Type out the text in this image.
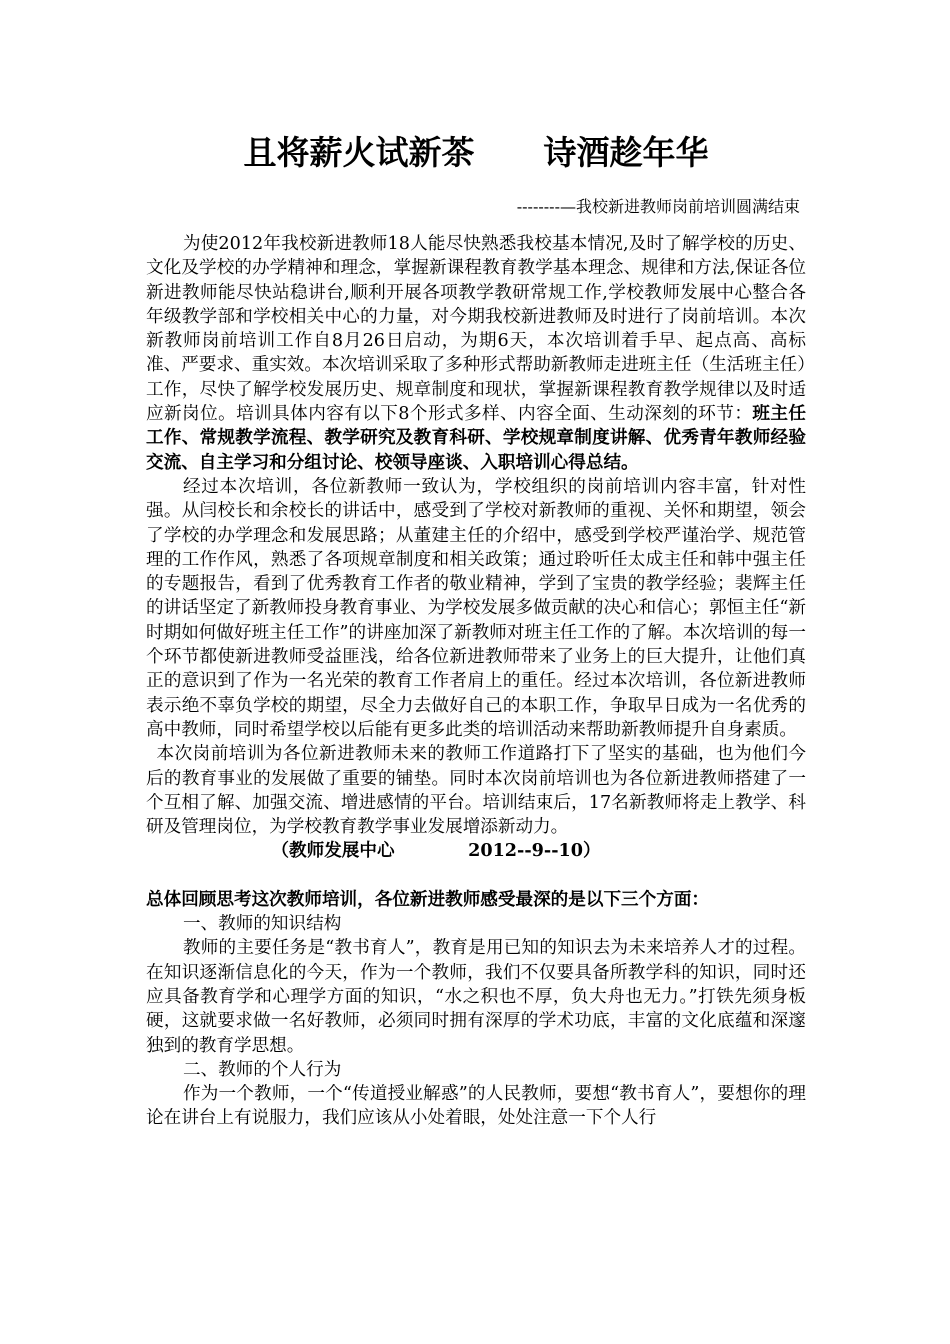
且将薪火试新茶      诗酒趁年华
--------—我校新进教师岗前培训圆满结束

为使2012年我校新进教师18人能尽快熟悉我校基本情况,及时了解学校的历史、文化及学校的办学精神和理念，掌握新课程教育教学基本理念、规律和方法,保证各位新进教师能尽快站稳讲台,顺利开展各项教学教研常规工作,学校教师发展中心整合各年级教学部和学校相关中心的力量，对今期我校新进教师及时进行了岗前培训。本次新教师岗前培训工作自8月26日启动，为期6天，本次培训着手早、起点高、高标准、严要求、重实效。本次培训采取了多种形式帮助新教师走进班主任（生活班主任）工作，尽快了解学校发展历史、规章制度和现状，掌握新课程教育教学规律以及时适应新岗位。培训具体内容有以下8个形式多样、内容全面、生动深刻的环节：班主任工作、常规教学流程、教学研究及教育科研、学校规章制度讲解、优秀青年教师经验交流、自主学习和分组讨论、校领导座谈、入职培训心得总结。

经过本次培训，各位新教师一致认为，学校组织的岗前培训内容丰富，针对性强。从闫校长和余校长的讲话中，感受到了学校对新教师的重视、关怀和期望，领会了学校的办学理念和发展思路；从董建主任的介绍中，感受到学校严谨治学、规范管理的工作作风，熟悉了各项规章制度和相关政策；通过聆听任太成主任和韩中强主任的专题报告，看到了优秀教育工作者的敬业精神，学到了宝贵的教学经验；裴辉主任的讲话坚定了新教师投身教育事业、为学校发展多做贡献的决心和信心；郭恒主任“新时期如何做好班主任工作”的讲座加深了新教师对班主任工作的了解。本次培训的每一个环节都使新进教师受益匪浅，给各位新进教师带来了业务上的巨大提升，让他们真正的意识到了作为一名光荣的教育工作者肩上的重任。经过本次培训，各位新进教师表示绝不辜负学校的期望，尽全力去做好自己的本职工作，争取早日成为一名优秀的高中教师，同时希望学校以后能有更多此类的培训活动来帮助新教师提升自身素质。

本次岗前培训为各位新进教师未来的教师工作道路打下了坚实的基础，也为他们今后的教育事业的发展做了重要的铺垫。同时本次岗前培训也为各位新进教师搭建了一个互相了解、加强交流、增进感情的平台。培训结束后，17名新教师将走上教学、科研及管理岗位，为学校教育教学事业发展增添新动力。

（教师发展中心            2012--9--10）

总体回顾思考这次教师培训，各位新进教师感受最深的是以下三个方面：

一、教师的知识结构

教师的主要任务是“教书育人”，教育是用已知的知识去为未来培养人才的过程。在知识逐渐信息化的今天，作为一个教师，我们不仅要具备所教学科的知识，同时还应具备教育学和心理学方面的知识，“水之积也不厚，负大舟也无力。”打铁先须身板硬，这就要求做一名好教师，必须同时拥有深厚的学术功底，丰富的文化底蕴和深邃独到的教育学思想。

二、教师的个人行为

作为一个教师，一个“传道授业解惑”的人民教师，要想“教书育人”，要想你的理论在讲台上有说服力，我们应该从小处着眼，处处注意一下个人行
